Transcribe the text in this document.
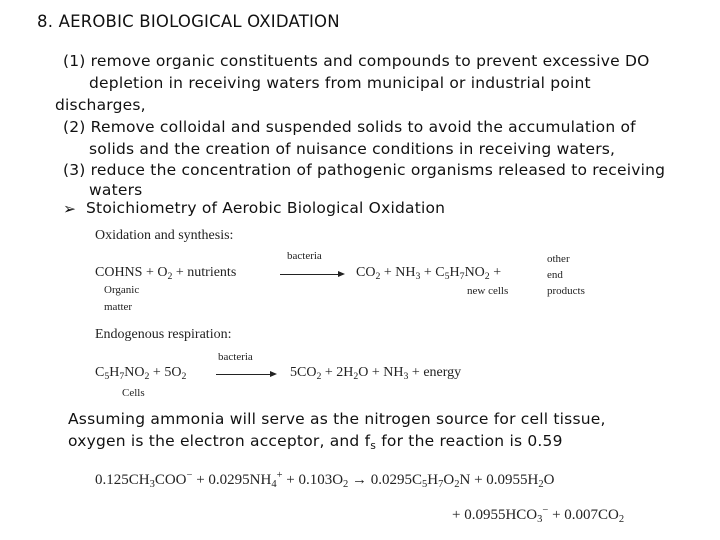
8. AEROBIC BIOLOGICAL OXIDATION
(1) remove organic constituents and compounds to prevent excessive DO
depletion in receiving waters from municipal or industrial point
discharges,
(2) Remove colloidal and suspended solids to avoid the accumulation of
solids and the creation of nuisance conditions in receiving waters,
(3) reduce the concentration of pathogenic organisms released to receiving
waters
➢ Stoichiometry of Aerobic Biological Oxidation
Oxidation and synthesis:
COHNS + $O_2$ + nutrients
bacteria
$CO_2 + NH_3 + C_5H_7NO_2$ +
other
end
products
Organic
matter
new cells
Endogenous respiration:
$C_5H_7NO_2 + 5O_2$
bacteria
$5CO_2 + 2H_2O + NH_3$ + energy
Cells
Assuming ammonia will serve as the nitrogen source for cell tissue,
oxygen is the electron acceptor, and $f_s$ for the reaction is 0.59
$0.125CH_3COO^- + 0.0295NH_4^+ + 0.103O_2 \to 0.0295C_5H_7O_2N + 0.0955H_2O$
+ $0.0955HCO_3^- + 0.007CO_2$
